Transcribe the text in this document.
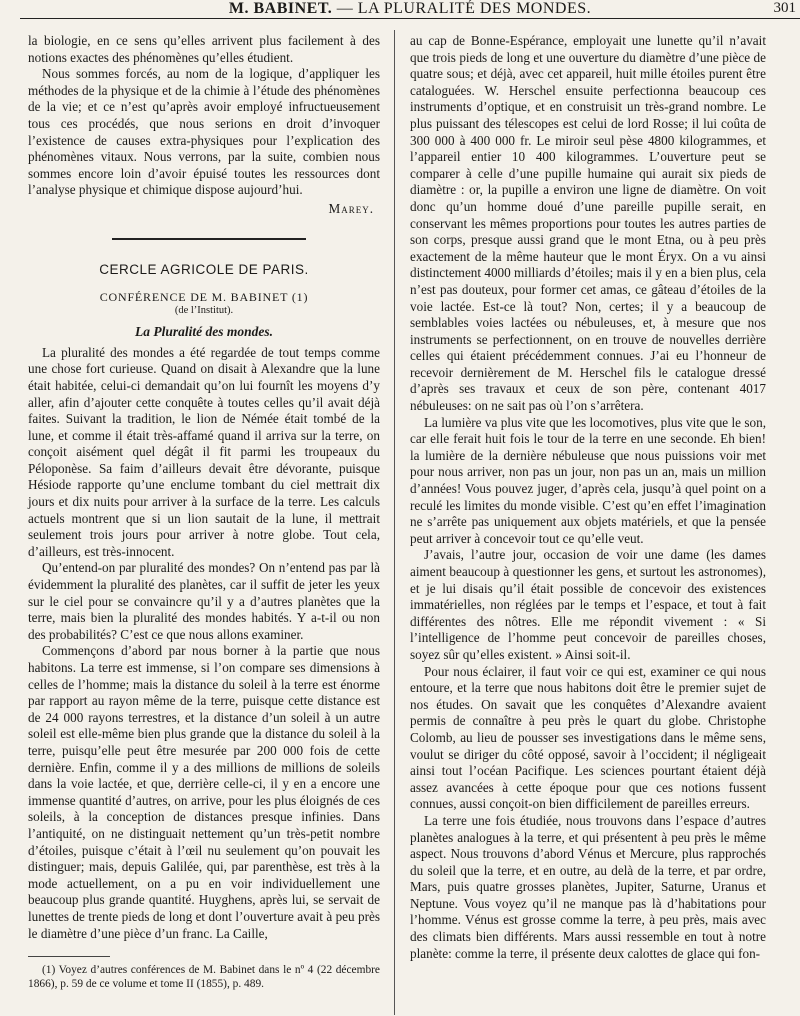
M. BABINET. — LA PLURALITÉ DES MONDES.	301

la biologie, en ce sens qu’elles arrivent plus facilement à des notions exactes des phénomènes qu’elles étudient.

Nous sommes forcés, au nom de la logique, d’appliquer les méthodes de la physique et de la chimie à l’étude des phénomènes de la vie; et ce n’est qu’après avoir employé infructueusement tous ces procédés, que nous serions en droit d’invoquer l’existence de causes extra-physiques pour l’explication des phénomènes vitaux. Nous verrons, par la suite, combien nous sommes encore loin d’avoir épuisé toutes les ressources dont l’analyse physique et chimique dispose aujourd’hui.

Marey.
CERCLE AGRICOLE DE PARIS.
CONFÉRENCE DE M. BABINET (1)
(de l’Institut).
La Pluralité des mondes.

La pluralité des mondes a été regardée de tout temps comme une chose fort curieuse. Quand on disait à Alexandre que la lune était habitée, celui-ci demandait qu’on lui fournît les moyens d’y aller, afin d’ajouter cette conquête à toutes celles qu’il avait déjà faites. Suivant la tradition, le lion de Némée était tombé de la lune, et comme il était très-affamé quand il arriva sur la terre, on conçoit aisément quel dégât il fit parmi les troupeaux du Péloponèse. Sa faim d’ailleurs devait être dévorante, puisque Hésiode rapporte qu’une enclume tombant du ciel mettrait dix jours et dix nuits pour arriver à la surface de la terre. Les calculs actuels montrent que si un lion sautait de la lune, il mettrait seulement trois jours pour arriver à notre globe. Tout cela, d’ailleurs, est très-innocent.

Qu’entend-on par pluralité des mondes? On n’entend pas par là évidemment la pluralité des planètes, car il suffit de jeter les yeux sur le ciel pour se convaincre qu’il y a d’autres planètes que la terre, mais bien la pluralité des mondes habités. Y a-t-il ou non des probabilités? C’est ce que nous allons examiner.

Commençons d’abord par nous borner à la partie que nous habitons. La terre est immense, si l’on compare ses dimensions à celles de l’homme; mais la distance du soleil à la terre est énorme par rapport au rayon même de la terre, puisque cette distance est de 24 000 rayons terrestres, et la distance d’un soleil à un autre soleil est elle-même bien plus grande que la distance du soleil à la terre, puisqu’elle peut être mesurée par 200 000 fois de cette dernière. Enfin, comme il y a des millions de millions de soleils dans la voie lactée, et que, derrière celle-ci, il y en a encore une immense quantité d’autres, on arrive, pour les plus éloignés de ces soleils, à la conception de distances presque infinies. Dans l’antiquité, on ne distinguait nettement qu’un très-petit nombre d’étoiles, puisque c’était à l’œil nu seulement qu’on pouvait les distinguer; mais, depuis Galilée, qui, par parenthèse, est très à la mode actuellement, on a pu en voir individuellement une beaucoup plus grande quantité. Huyghens, après lui, se servait de lunettes de trente pieds de long et dont l’ouverture avait à peu près le diamètre d’une pièce d’un franc. La Caille,

(1) Voyez d’autres conférences de M. Babinet dans le nº 4 (22 décembre 1866), p. 59 de ce volume et tome II (1855), p. 489.

au cap de Bonne-Espérance, employait une lunette qu’il n’avait que trois pieds de long et une ouverture du diamètre d’une pièce de quatre sous; et déjà, avec cet appareil, huit mille étoiles purent être cataloguées. W. Herschel ensuite perfectionna beaucoup ces instruments d’optique, et en construisit un très-grand nombre. Le plus puissant des télescopes est celui de lord Rosse; il lui coûta de 300 000 à 400 000 fr. Le miroir seul pèse 4800 kilogrammes, et l’appareil entier 10 400 kilogrammes. L’ouverture peut se comparer à celle d’une pupille humaine qui aurait six pieds de diamètre : or, la pupille a environ une ligne de diamètre. On voit donc qu’un homme doué d’une pareille pupille serait, en conservant les mêmes proportions pour toutes les autres parties de son corps, presque aussi grand que le mont Etna, ou à peu près exactement de la même hauteur que le mont Éryx. On a vu ainsi distinctement 4000 milliards d’étoiles; mais il y en a bien plus, cela n’est pas douteux, pour former cet amas, ce gâteau d’étoiles de la voie lactée. Est-ce là tout? Non, certes; il y a beaucoup de semblables voies lactées ou nébuleuses, et, à mesure que nos instruments se perfectionnent, on en trouve de nouvelles derrière celles qui étaient précédemment connues. J’ai eu l’honneur de recevoir dernièrement de M. Herschel fils le catalogue dressé d’après ses travaux et ceux de son père, contenant 4017 nébuleuses: on ne sait pas où l’on s’arrêtera.

La lumière va plus vite que les locomotives, plus vite que le son, car elle ferait huit fois le tour de la terre en une seconde. Eh bien! la lumière de la dernière nébuleuse que nous puissions voir met pour nous arriver, non pas un jour, non pas un an, mais un million d’années! Vous pouvez juger, d’après cela, jusqu’à quel point on a reculé les limites du monde visible. C’est qu’en effet l’imagination ne s’arrête pas uniquement aux objets matériels, et que la pensée peut arriver à concevoir tout ce qu’elle veut.

J’avais, l’autre jour, occasion de voir une dame (les dames aiment beaucoup à questionner les gens, et surtout les astronomes), et je lui disais qu’il était possible de concevoir des existences immatérielles, non réglées par le temps et l’espace, et tout à fait différentes des nôtres. Elle me répondit vivement : « Si l’intelligence de l’homme peut concevoir de pareilles choses, soyez sûr qu’elles existent. » Ainsi soit-il.

Pour nous éclairer, il faut voir ce qui est, examiner ce qui nous entoure, et la terre que nous habitons doit être le premier sujet de nos études. On savait que les conquêtes d’Alexandre avaient permis de connaître à peu près le quart du globe. Christophe Colomb, au lieu de pousser ses investigations dans le même sens, voulut se diriger du côté opposé, savoir à l’occident; il négligeait ainsi tout l’océan Pacifique. Les sciences pourtant étaient déjà assez avancées à cette époque pour que ces notions fussent connues, aussi conçoit-on bien difficilement de pareilles erreurs.

La terre une fois étudiée, nous trouvons dans l’espace d’autres planètes analogues à la terre, et qui présentent à peu près le même aspect. Nous trouvons d’abord Vénus et Mercure, plus rapprochés du soleil que la terre, et en outre, au delà de la terre, et par ordre, Mars, puis quatre grosses planètes, Jupiter, Saturne, Uranus et Neptune. Vous voyez qu’il ne manque pas là d’habitations pour l’homme. Vénus est grosse comme la terre, à peu près, mais avec des climats bien différents. Mars aussi ressemble en tout à notre planète: comme la terre, il présente deux calottes de glace qui fon-
